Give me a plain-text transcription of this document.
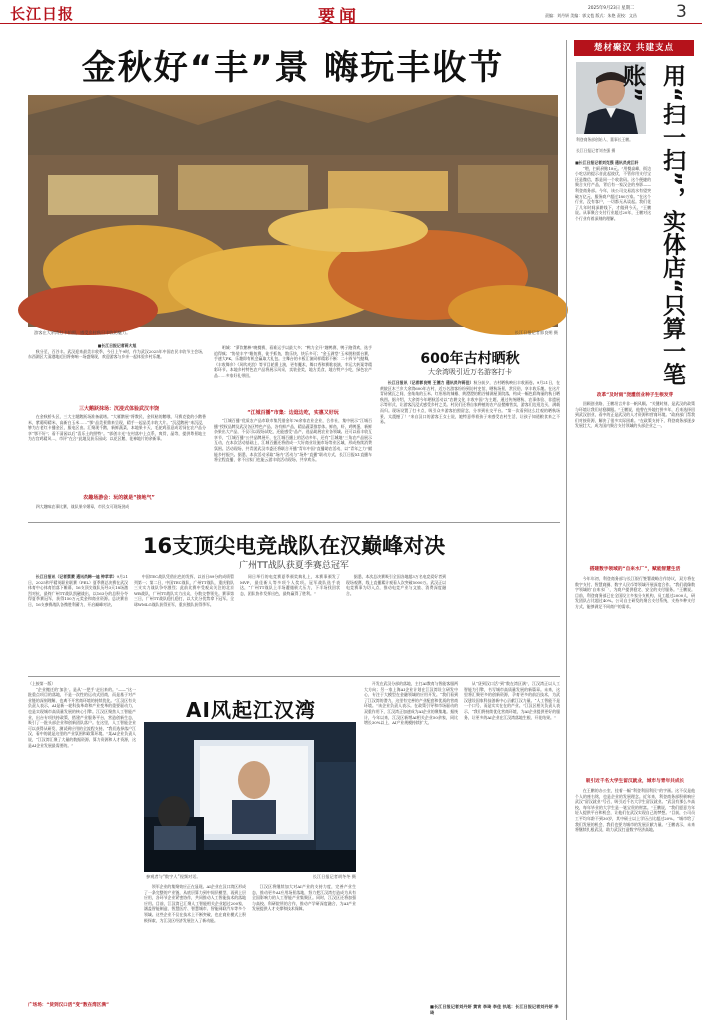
长江日报	要闻	2025年9月23日 星期二
责编：刘丹妍 美编：郭文苞 版式：朱艳 责校：文昌 3
金秋好“丰”景 嗨玩丰收节
游客在大余湾打卡拍照，感受乡村秋日丰收的魅力。	长江日报记者郭良朔 摄
■长江日报记者蒋大旭

秋分至，百谷丰。武汉迎来最美丰收季，今日上午9时，作为武汉2025年中国农民丰收节主会场，东西湖区大清港地近田将奏响一场盛聚现，欢迎游客与乡亲一起体验乡村乐趣。

三大鹅跃抹场：沉浸式体验武汉丰饶

在金秋桥头区，三大主题鹅跃场准备就绪。“大雁鹅展”将教民，金钗粘的鹅哦、马赛克瓷的小鹅香米，紫葡萄精米，高新白玉米……“鄂”品美景鼎来呈现，精手一起品美丰收大片。“沉浸鹅展”来沉浸，够为古老红卡播金区，服电区由。汇聚现千鹅，新鲜蔬菜，本地果卡天，毛驼鸡蒸意成话饲在农户品分享“鄂不好”；看不清园以后“喜乐土的照特”。“郭创丰光”在村落中上点系，爽骨，晶等，提供粤景地主为古宫鸡精风…，市评“在合”此地及获乐园成；以花区鹅，花神地片的余新事。

农趣场游会：玩的就是“接地气”

四大趣味农事比赛，战队果辛婚章，市民女可现场劲成

明城：“萝饮鹅棒”晚餐赛，看谁运手以最大多；“鸭力全开”趣鸭赛，鸭子跑得欢，选手追得疯；“协装丰宇”瞻鱼赛，徒手抓鱼，散乐快，快乐多可；“金玉满堂”玉米脱粒擂台赛，手速大PK，乐趣即有机会赢取大礼包。主舞台的卡板汇演同样精彩不断：二十四节气抛舞，《丰收舞乡》《风吹麦浪》等节目轮番上演，更有魔术，舞口秀和赛歌表演，幸运大转案等精彩环节。本地乡村特色农产品将展示风采，卖装金奖，地方美食，地方特产小吃，绿色农产品……多家好礼带回。

“江城百播”市集：边逛边吃，实惠又好玩

“江城百播”优质农产品市联市集凭借金年76余家农业企业，合作社，集中展示“江城百播”授权品牌及武汉各区特色产品，各有鲜产品，精品蔬菜推荐体。鲜鱼，虾，鸡鸭蛋，新鲜杂果出大产品，不仅可以现场试吃，还能感受”品产，选品助展农业各领域。还可以看丰收互享节，“江城百播”公共品牌展开，在江城百播上的活动多年，还有“江城地”三角农产品展示互动，在本次活动基础上，江城百播还将借成一大好商业设施市场等业区域，形成持续消费氛围。活动现场，共青团武汉市委还将联合开播“青年中国”直播助农活动，以“青年之力”赋能乡村振兴。据悉，本次活动采取“场内”活动与“场外”直播“联动方式，长江日报X1直播车将全程直播，你不出家门也能云游丰收活动现场，共享欢乐。

600年古村晒秋
大余湾吸引近万名游客打卡

长江日报讯（记者郭良朔 王德力 通讯员许蒋佳）秋分前夕，古村晒秋映出丰收画卷。9月21日，在黄陂区木兰乡大余湾600年古村，近万名游客纷纷到访村史馆，晒秋场景，赏民俗，享丰收乐趣。在这片青砖黛瓦之间，金灿灿的玉米、红彤彤的辣椒、黄澄澄的稻谷铺满屋顶院落，构成一幅色彩绚丽的秋日晒秋图。据介绍，大余湾今年晒秋活动以“农耕文化 丰收中国”为主题，通过传统晒秋、农事体验、非遗展示等形式，让游客沉浸式感受乡村之美。村民们还将自家种植的农产品摆摊售卖，游客们边逛边买，满载而归。现场设置了打卡点，吸引众多游客拍照留念，分享到社交平台。“第一次看到这么壮观的晒秋场景，太震撼了！”来自汉口的游客王女士说，她特意带着孩子来感受农村生活，让孩子知道粮食来之不易。

16支顶尖电竞战队在汉巅峰对决
广州TT战队获夏季赛总冠军

长江日报讯（记者蔡蒙 通讯员韩一迪 钟苹苹）9月21日，2025和平精英职业联赛（PEL）夏季赛总决赛在武汉体育中心体育馆落下帷幕，16支顶尖战队历经3天18场激烈对抗，最终广州TT战队凯磁战出，以163分的总积分夺得夏季赛冠军，获得150万元奖金和商业资源。总决赛首日，16支参赛战队各携胜利蓄力，开启巅峰对决。

中国TEC战队凭借出色的发挥，以首日89分的成绩暂列第一；第二日，中国TEC战队，广州TT战队，重庆狼队三支实力战队争夺激烈；此前比赛中受观众关注的北京WB战队，广州TT战队实力出众，分数交替领先。赛事第三日，广州TT战队稳扎稳打，以大比分优势拿下冠军。全球WMLG战队获得亚军，重庆狼队获得季军。

同日举行的电竞赛夏季颁奖典礼上，本赛事颁发了MVP，最佳新人等多项个人奖项。冠军战队选手表达，“广州TT战队上半场遭遇极大压力，下半场找回状态，团队协作发挥出色，最终赢得了胜利。”

据悉，本次总决赛吸引全国各地超3万名电竞爱好者到现场观赛，线上直播累计观看人次突破5000万。武汉正以电竞赛事为切入点，推动电竞产业与文旅、消费深度融合。

（上接第一版）

“企业搬迁的‘加法’。是从‘一把手’走出来的。”——“这一批重点项目的落地，不是一次性的运动式招商，而是基于对产业链的深刻理解，也离不开营商环境的持续优化。”江汉区有关负责人表示，AI是新一轮科技革命和产业变革的重要驱动力，也是实现城市高质量发展的核心引擎。江汉区聚焦人工智能产业，出台专项扶持政策，搭建产业服务平台，营造创新生态，吸引了一批头部企业和创新团队落户。在这里，人工智能企业可以获得从研发、测试到应用的全流程支持。“我们选择落户江汉，看中的就是这里的产业氛围和政策环境。”某AI企业负责人说，“江汉湾汇聚了大量的数据资源、算力资源和人才资源，这是AI企业发展最需要的。”

广场场：“货到汉口活”变“数在湾区满”
AI风起江汉湾
参观者与“数字人”视频对话。	长江日报记者胡冬冬 摄

领军企业的集聚效应正在显现。AI企业在汉口湾区形成了一条完整的产业链，从底层算力到中间层模型，再到上层应用，各环节企业紧密协作，共同推动人工智能技术的落地应用。目前，江汉湾已汇聚人工智能相关企业超过200家，涵盖智能制造、智慧医疗、智慧城市、智能网联汽车等多个领域。这些企业不仅在技术上不断突破，也在商业模式上积极探索，为江汉区经济发展注入了新动能。

江汉区将继续加大对AI产业的支持力度，完善产业生态，推动更多AI应用场景落地，努力把江汉湾打造成为具有全国影响力的人工智能产业集聚区。同时，江汉区还将加强与高校、科研院所的合作，推动产学研深度融合，为AI产业发展提供人才支撑和技术保障。

开发在武汉分部的落地，主打AI教育与智能客服两大方向；另一家上海AI企业计划在江汉湾设立研发中心，专注于大模型在金融领域的应用开发。“我们看到了江汉湾的潜力，这里有完善的产业配套和优质的营商环境。”该企业负责人表示。在政策引导和市场驱动的双重作用下，江汉湾正加速成为AI企业的聚集地。据统计，今年以来，江汉区新增AI相关企业50余家，同比增长30%以上，AI产业规模持续扩大。

从“货到汉口活”到“数在湾区满”，江汉湾正以人工智能为引擎，书写城市高质量发展的新篇章。未来，这里将汇聚更多的创新资源，孕育更多的前沿技术，为武汉建设国家科技创新中心贡献江汉力量。“人工智能不是一个口号，而是实实在在的产业。”江汉区相关负责人表示，“我们将持续优化营商环境，为AI企业提供更好的服务，让更多的AI企业在江汉湾落地生根、开花结果。”

■长江日报记者刘丹妍 黄宵 李琦 李佳 执笔：长江日报记者刘丹妍 李琦
楚材聚汉 共建支点
用“扫一扫”，实体店“只算一笔账”
利登商务部创始人、董事长王鹏。
长江日报记者刘杰强 摄
■长江日报记者刘克强 通讯员虎江轩

“喂，扫码到账18元。”用餐高峰，街边小吃店的提示音此起彼伏，不管你用支付宝还是微信，都是同一个收款码。这个便捷的聚合支付产品，背后有一家汉企的身影——利登商务部。今年，该公司交易流水有望突破万亿元，服务商户超过180万家。“在这个行业，没有客户，一切都无从谈起。我们花了几年时间深耕线下，才做到今天。”王鹏说。从事聚合支付行业超过20年，王鹏对这个行业有着深刻的理解。

改革“及时雨”浇灌创业种子生根发芽

回顾创业路，王鹏坦言并非一帆风顺。“关键时刻，是武汉的政策与环境让我们站稳脚跟。”王鹏说，他曾在外地打拼多年，后来选择回到武汉创业，看中的正是武汉的人才资源和营商环境。“政府部门帮我们对接资源，解决了很多实际困难。”在政策支持下，利登商务部逐步发展壮大，成为国内聚合支付领域的头部企业之一。

搭建数字领域的“自来水厂”，赋能智慧生活

今年年初，利登商务部与长江银行签署战略合作协议，双方将在数字支付、智慧商圈、数字人民币等领域开展深度合作。“我们就像数字领域的‘自来水厂’，为商户提供稳定、安全的支付服务。”王鹏说。目前，利登商务部已在全国设立多家分支机构，员工超过2000人，研发团队占比超过40%。公司自主研发的聚合支付系统，支持多种支付方式，能够满足不同商户的需求。

吸引近千名大学生留汉就业，城市与青年共成长

在王鹏的办公室，挂着一幅“利登利国利民”的字画。这不仅是他个人的座右铭，也是企业的发展理念。近年来，利登商务部积极响应武汉“留汉就业”号召，吸引近千名大学生留汉就业。“武汉有那么多高校，每年毕业的大学生是一笔宝贵的财富。”王鹏说，“我们愿意为年轻人提供平台和机会，让他们在武汉实现自己的梦想。”目前，公司员工平均年龄不到30岁，其中硕士以上学历占比超过20%。“城市给了我们发展的机会，我们也要为城市的发展贡献力量。”王鹏表示，未来将继续扎根武汉，助力武汉打造数字经济高地。
